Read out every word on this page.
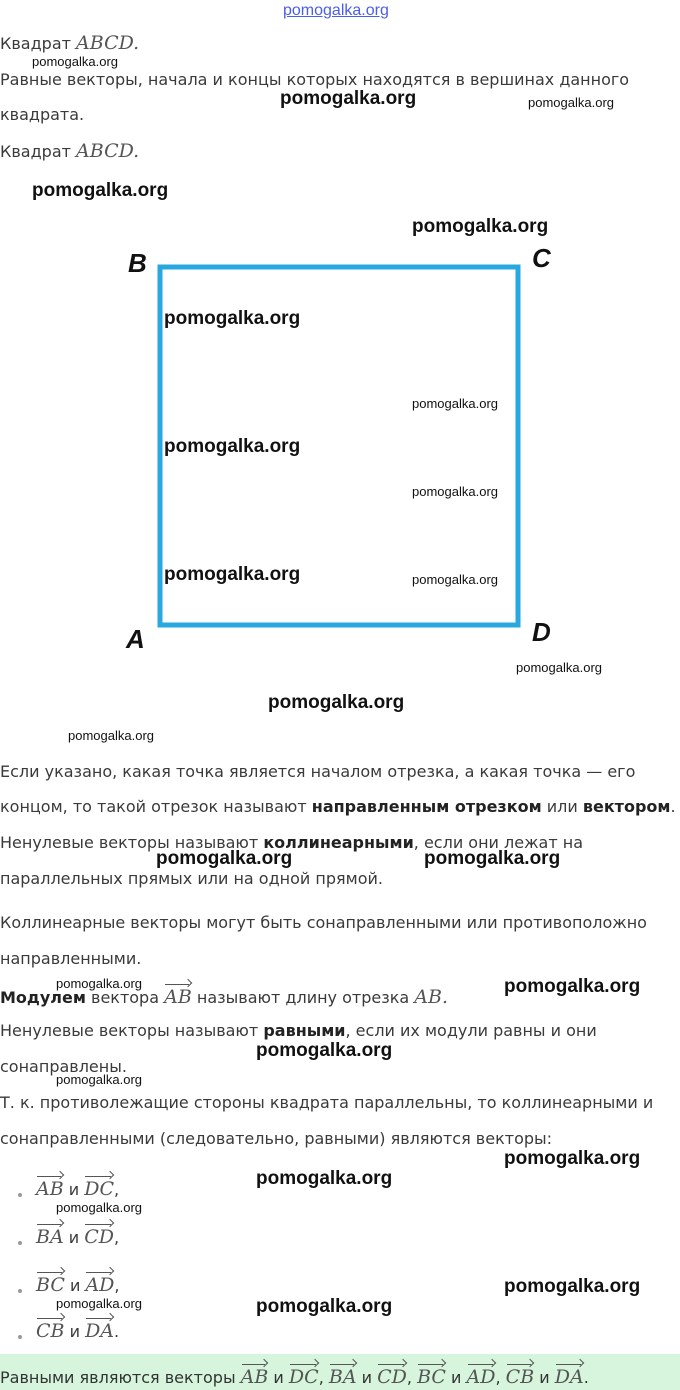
pomogalka.org
Квадрат ABCD.
pomogalka.org
Равные векторы, начала и концы которых находятся в вершинах данного
pomogalka.org	pomogalka.org
квадрата.
Квадрат ABCD.
pomogalka.org
pomogalka.org
B	C
A	D
pomogalka.org
pomogalka.org
pomogalka.org
pomogalka.org
pomogalka.org	pomogalka.org
pomogalka.org
pomogalka.org
pomogalka.org
Если указано, какая точка является началом отрезка, а какая точка — его
концом, то такой отрезок называют направленным отрезком или вектором.
Ненулевые векторы называют коллинеарными, если они лежат на
pomogalka.org	pomogalka.org
параллельных прямых или на одной прямой.
Коллинеарные векторы могут быть сонаправленными или противоположно
направленными.
pomogalka.org	pomogalka.org
Модулем вектора AB называют длину отрезка AB.
Ненулевые векторы называют равными, если их модули равны и они
pomogalka.org
сонаправлены.
pomogalka.org
Т. к. противолежащие стороны квадрата параллельны, то коллинеарными и
сонаправленными (следовательно, равными) являются векторы:
pomogalka.org
pomogalka.org
AB и DC,
pomogalka.org
BA и CD,
pomogalka.org
BC и AD,
pomogalka.org	pomogalka.org
CB и DA.
Равными являются векторы AB и DC, BA и CD, BC и AD, CB и DA.
